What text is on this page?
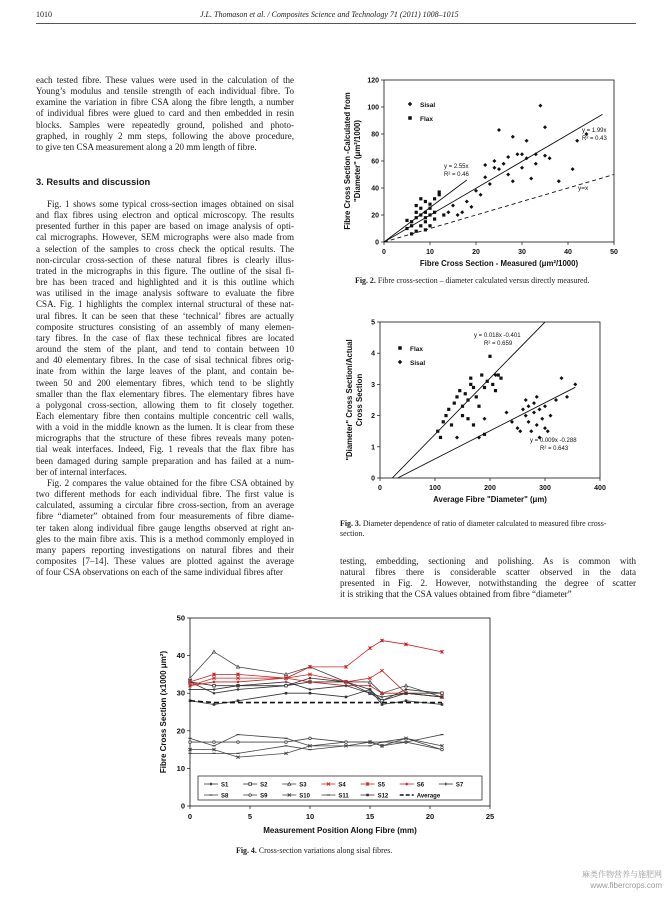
1010	J.L. Thomason et al. / Composites Science and Technology 71 (2011) 1008–1015
each tested fibre. These values were used in the calculation of the
Young’s modulus and tensile strength of each individual fibre. To
examine the variation in fibre CSA along the fibre length, a number
of individual fibres were glued to card and then embedded in resin
blocks. Samples were repeatedly ground, polished and photo-
graphed, in roughly 2 mm steps, following the above procedure,
to give ten CSA measurement along a 20 mm length of fibre.
3. Results and discussion
Fig. 1 shows some typical cross-section images obtained on sisal
and flax fibres using electron and optical microscopy. The results
presented further in this paper are based on image analysis of opti-
cal micrographs. However, SEM micrographs were also made from
a selection of the samples to cross check the optical results. The
non-circular cross-section of these natural fibres is clearly illus-
trated in the micrographs in this figure. The outline of the sisal fi-
bre has been traced and highlighted and it is this outline which
was utilised in the image analysis software to evaluate the fibre
CSA. Fig. 1 highlights the complex internal structural of these nat-
ural fibres. It can be seen that these ‘technical’ fibres are actually
composite structures consisting of an assembly of many elemen-
tary fibres. In the case of flax these technical fibres are located
around the stem of the plant, and tend to contain between 10
and 40 elementary fibres. In the case of sisal technical fibres orig-
inate from within the large leaves of the plant, and contain be-
tween 50 and 200 elementary fibres, which tend to be slightly
smaller than the flax elementary fibres. The elementary fibres have
a polygonal cross-section, allowing them to fit closely together.
Each elementary fibre then contains multiple concentric cell walls,
with a void in the middle known as the lumen. It is clear from these
micrographs that the structure of these fibres reveals many poten-
tial weak interfaces. Indeed, Fig. 1 reveals that the flax fibre has
been damaged during sample preparation and has failed at a num-
ber of internal interfaces.
Fig. 2 compares the value obtained for the fibre CSA obtained by
two different methods for each individual fibre. The first value is
calculated, assuming a circular fibre cross-section, from an average
fibre “diameter” obtained from four measurements of fibre diame-
ter taken along individual fibre gauge lengths observed at right an-
gles to the main fibre axis. This is a method commonly employed in
many papers reporting investigations on natural fibres and their
composites [7–14]. These values are plotted against the average
of four CSA observations on each of the same individual fibres after
testing, embedding, sectioning and polishing. As is common with
natural fibres there is considerable scatter observed in the data
presented in Fig. 2. However, notwithstanding the degree of scatter
it is striking that the CSA values obtained from fibre “diameter”
0	10	20	30	40	50
0
20
40
60
80
100
120
Fibre Cross Section - Measured (μm²/1000)
Fibre Cross Section -Calculated from "Diameter" (μm²/1000)
Sisal
Flax
y = 2.55x
R² = 0.46
y = 1.99x
R² = 0.43
y=x
Fig. 2. Fibre cross-section – diameter calculated versus directly measured.
0	100	200	300	400
0
1
2
3
4
5
Average Fibre "Diameter" (μm)
"Diameter" Cross Section/Actual Cross Section
Flax
Sisal
y = 0.018x -0.401
R² = 0.659
y = 0.009x -0.288
R² = 0.643
Fig. 3. Diameter dependence of ratio of diameter calculated to measured fibre cross-section.
0	5	10	15	20	25
0
10
20
30
40
50
Measurement Position Along Fibre (mm)
Fibre Cross Section (x1000 μm²)
S1	S2	S3	S4	S5	S6	S7
S8	S9	S10	S11	S12	Average
Fig. 4. Cross-section variations along sisal fibres.
麻类作物营养与施肥网
www.fibercrops.com
